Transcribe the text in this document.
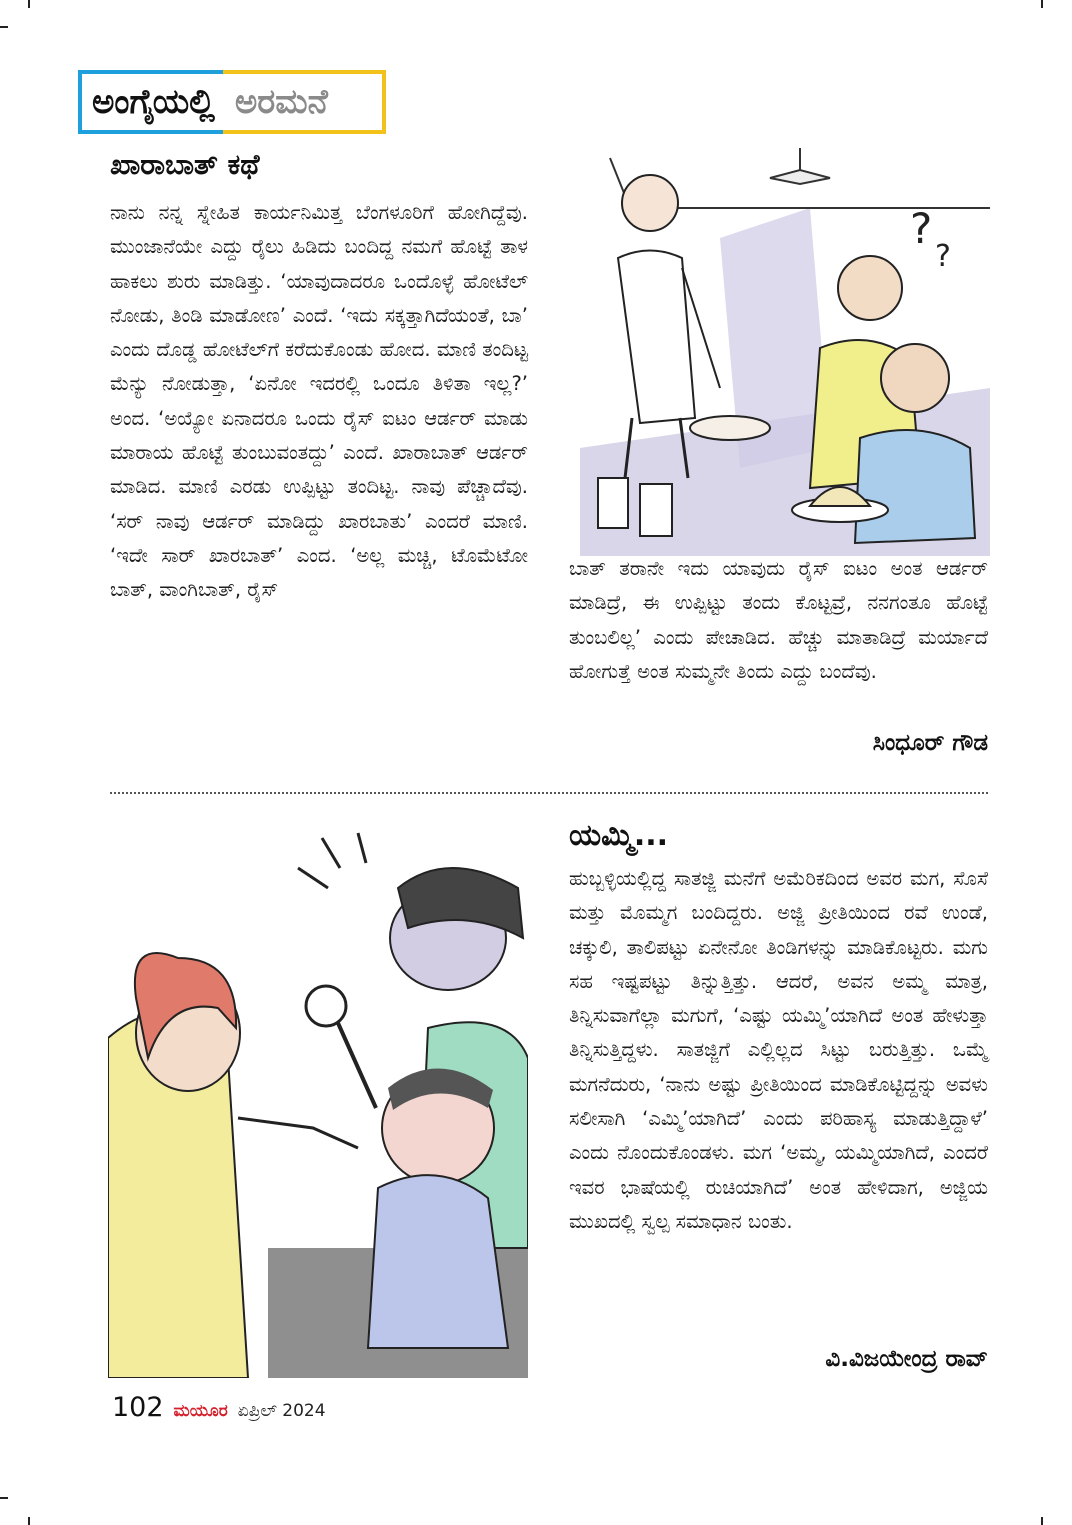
ಅಂಗೈಯಲ್ಲಿ ಅರಮನೆ
ಖಾರಾಬಾತ್ ಕಥೆ

ನಾನು ನನ್ನ ಸ್ನೇಹಿತ ಕಾರ್ಯನಿಮಿತ್ತ ಬೆಂಗಳೂರಿಗೆ ಹೋಗಿದ್ದೆವು. ಮುಂಜಾನೆಯೇ ಎದ್ದು ರೈಲು ಹಿಡಿದು ಬಂದಿದ್ದ ನಮಗೆ ಹೊಟ್ಟೆ ತಾಳ ಹಾಕಲು ಶುರು ಮಾಡಿತ್ತು. ‘ಯಾವುದಾದರೂ ಒಂದೊಳ್ಳೆ ಹೋಟೆಲ್ ನೋಡು, ತಿಂಡಿ ಮಾಡೋಣ’ ಎಂದೆ. ‘ಇದು ಸಕ್ಕತ್ತಾಗಿದೆಯಂತೆ, ಬಾ’ ಎಂದು ದೊಡ್ಡ ಹೋಟೆಲ್‌ಗೆ ಕರೆದುಕೊಂಡು ಹೋದ. ಮಾಣಿ ತಂದಿಟ್ಟ ಮೆನ್ಯು ನೋಡುತ್ತಾ, ‘ಏನೋ ಇದರಲ್ಲಿ ಒಂದೂ ತಿಳಿತಾ ಇಲ್ಲ?’ ಅಂದ. ‘ಅಯ್ಯೋ ಏನಾದರೂ ಒಂದು ರೈಸ್ ಐಟಂ ಆರ್ಡರ್ ಮಾಡು ಮಾರಾಯ ಹೊಟ್ಟೆ ತುಂಬುವಂತದ್ದು’ ಎಂದೆ. ಖಾರಾಬಾತ್ ಆರ್ಡರ್ ಮಾಡಿದ. ಮಾಣಿ ಎರಡು ಉಪ್ಪಿಟ್ಟು ತಂದಿಟ್ಟ. ನಾವು ಪೆಚ್ಚಾದೆವು. ‘ಸರ್ ನಾವು ಆರ್ಡರ್ ಮಾಡಿದ್ದು ಖಾರಬಾತು’ ಎಂದರೆ ಮಾಣಿ. ‘ಇದೇ ಸಾರ್ ಖಾರಬಾತ್’ ಎಂದ. ‘ಅಲ್ಲ ಮಚ್ಚಿ, ಟೊಮೆಟೋ ಬಾತ್, ವಾಂಗಿಬಾತ್, ರೈಸ್

?
?

ಬಾತ್ ತರಾನೇ ಇದು ಯಾವುದು ರೈಸ್ ಐಟಂ ಅಂತ ಆರ್ಡರ್ ಮಾಡಿದ್ರೆ, ಈ ಉಪ್ಪಿಟ್ಟು ತಂದು ಕೊಟ್ಟವ್ರೆ, ನನಗಂತೂ ಹೊಟ್ಟೆ ತುಂಬಲಿಲ್ಲ’ ಎಂದು ಪೇಚಾಡಿದ. ಹೆಚ್ಚು ಮಾತಾಡಿದ್ರೆ ಮರ್ಯಾದೆ ಹೋಗುತ್ತೆ ಅಂತ ಸುಮ್ಮನೇ ತಿಂದು ಎದ್ದು ಬಂದೆವು.

ಸಿಂಧೂರ್ ಗೌಡ
ಯಮ್ಮಿ...

ಹುಬ್ಬಳ್ಳಿಯಲ್ಲಿದ್ದ ಸಾತಜ್ಜಿ ಮನೆಗೆ ಅಮೆರಿಕದಿಂದ ಅವರ ಮಗ, ಸೊಸೆ ಮತ್ತು ಮೊಮ್ಮಗ ಬಂದಿದ್ದರು. ಅಜ್ಜಿ ಪ್ರೀತಿಯಿಂದ ರವೆ ಉಂಡೆ, ಚಕ್ಕುಲಿ, ತಾಲಿಪಟ್ಟು ಏನೇನೋ ತಿಂಡಿಗಳನ್ನು ಮಾಡಿಕೊಟ್ಟರು. ಮಗು ಸಹ ಇಷ್ಟಪಟ್ಟು ತಿನ್ನುತ್ತಿತ್ತು. ಆದರೆ, ಅವನ ಅಮ್ಮ ಮಾತ್ರ, ತಿನ್ನಿಸುವಾಗೆಲ್ಲಾ ಮಗುಗೆ, ‘ಎಷ್ಟು ಯಮ್ಮಿ’ಯಾಗಿದೆ ಅಂತ ಹೇಳುತ್ತಾ ತಿನ್ನಿಸುತ್ತಿದ್ದಳು. ಸಾತಜ್ಜಿಗೆ ಎಲ್ಲಿಲ್ಲದ ಸಿಟ್ಟು ಬರುತ್ತಿತ್ತು. ಒಮ್ಮೆ ಮಗನೆದುರು, ‘ನಾನು ಅಷ್ಟು ಪ್ರೀತಿಯಿಂದ ಮಾಡಿಕೊಟ್ಟಿದ್ದನ್ನು ಅವಳು ಸಲೀಸಾಗಿ ‘ಎಮ್ಮಿ’ಯಾಗಿದೆ’ ಎಂದು ಪರಿಹಾಸ್ಯ ಮಾಡುತ್ತಿದ್ದಾಳೆ’ ಎಂದು ನೊಂದುಕೊಂಡಳು. ಮಗ ‘ಅಮ್ಮ, ಯಮ್ಮಿಯಾಗಿದೆ, ಎಂದರೆ ಇವರ ಭಾಷೆಯಲ್ಲಿ ರುಚಿಯಾಗಿದೆ’ ಅಂತ ಹೇಳಿದಾಗ, ಅಜ್ಜಿಯ ಮುಖದಲ್ಲಿ ಸ್ವಲ್ಪ ಸಮಾಧಾನ ಬಂತು.

ವಿ.ವಿಜಯೇಂದ್ರ ರಾವ್
102 ಮಯೂರ ಏಪ್ರಿಲ್ 2024
